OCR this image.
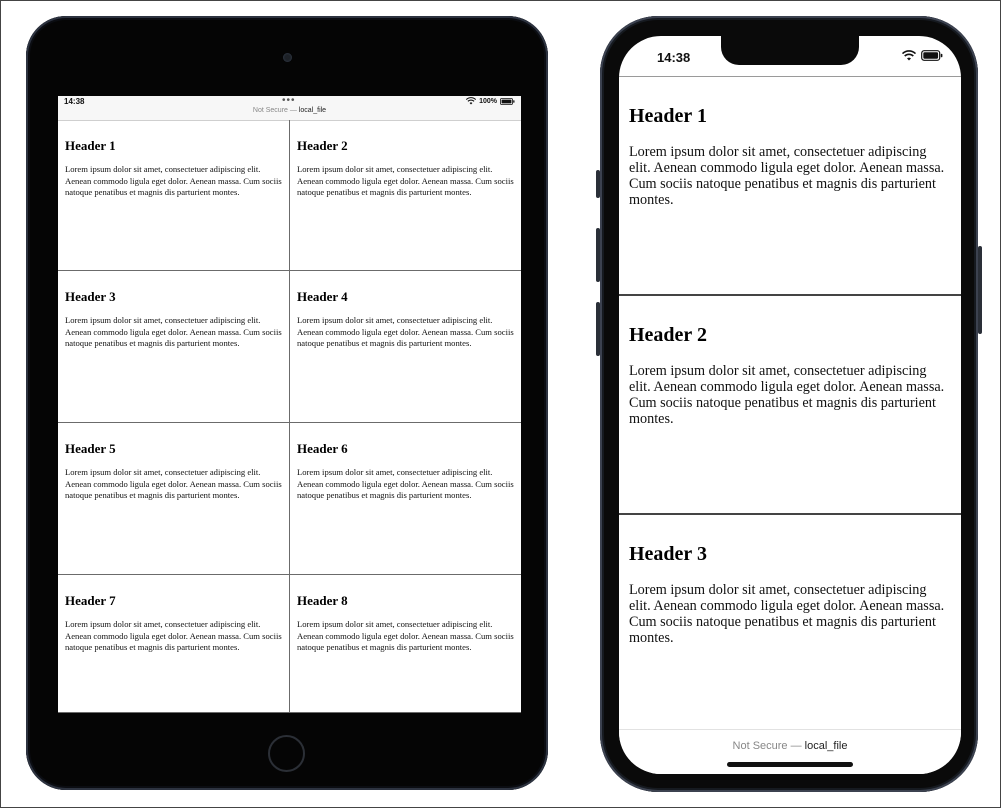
14:38	•••	100%
Not Secure — local_file
Header 1

Lorem ipsum dolor sit amet, consectetuer adipiscing elit. Aenean commodo ligula eget dolor. Aenean massa. Cum sociis natoque penatibus et magnis dis parturient montes.

Header 2

Lorem ipsum dolor sit amet, consectetuer adipiscing elit. Aenean commodo ligula eget dolor. Aenean massa. Cum sociis natoque penatibus et magnis dis parturient montes.

Header 3

Lorem ipsum dolor sit amet, consectetuer adipiscing elit. Aenean commodo ligula eget dolor. Aenean massa. Cum sociis natoque penatibus et magnis dis parturient montes.

Header 4

Lorem ipsum dolor sit amet, consectetuer adipiscing elit. Aenean commodo ligula eget dolor. Aenean massa. Cum sociis natoque penatibus et magnis dis parturient montes.

Header 5

Lorem ipsum dolor sit amet, consectetuer adipiscing elit. Aenean commodo ligula eget dolor. Aenean massa. Cum sociis natoque penatibus et magnis dis parturient montes.

Header 6

Lorem ipsum dolor sit amet, consectetuer adipiscing elit. Aenean commodo ligula eget dolor. Aenean massa. Cum sociis natoque penatibus et magnis dis parturient montes.

Header 7

Lorem ipsum dolor sit amet, consectetuer adipiscing elit. Aenean commodo ligula eget dolor. Aenean massa. Cum sociis natoque penatibus et magnis dis parturient montes.

Header 8

Lorem ipsum dolor sit amet, consectetuer adipiscing elit. Aenean commodo ligula eget dolor. Aenean massa. Cum sociis natoque penatibus et magnis dis parturient montes.

14:38
Header 1

Lorem ipsum dolor sit amet, consectetuer adipiscing elit. Aenean commodo ligula eget dolor. Aenean massa. Cum sociis natoque penatibus et magnis dis parturient montes.

Header 2

Lorem ipsum dolor sit amet, consectetuer adipiscing elit. Aenean commodo ligula eget dolor. Aenean massa. Cum sociis natoque penatibus et magnis dis parturient montes.

Header 3

Lorem ipsum dolor sit amet, consectetuer adipiscing elit. Aenean commodo ligula eget dolor. Aenean massa. Cum sociis natoque penatibus et magnis dis parturient montes.

Not Secure — local_file
